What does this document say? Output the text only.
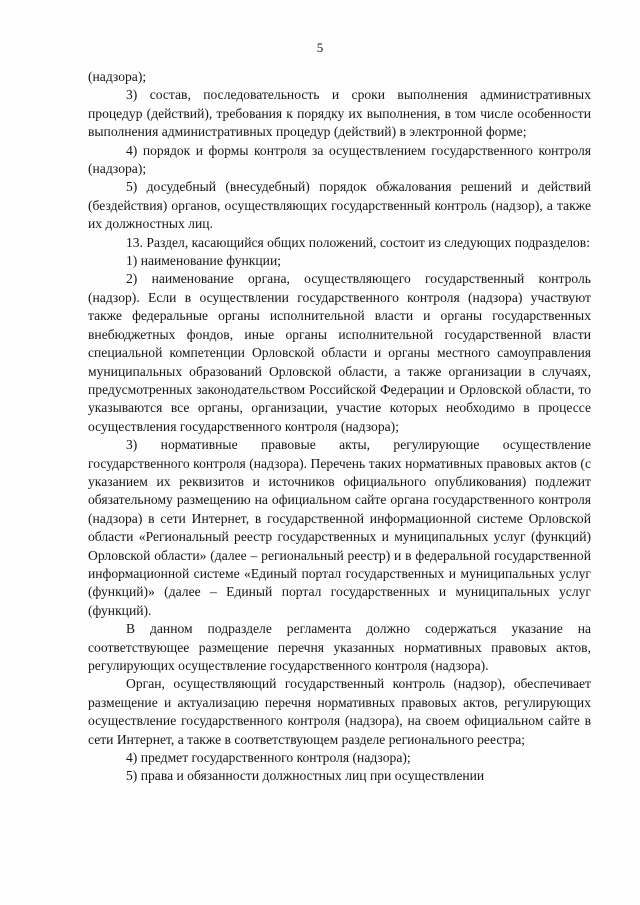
5

(надзора);

3) состав, последовательность и сроки выполнения административных процедур (действий), требования к порядку их выполнения, в том числе особенности выполнения административных процедур (действий) в электронной форме;

4) порядок и формы контроля за осуществлением государственного контроля (надзора);

5) досудебный (внесудебный) порядок обжалования решений и действий (бездействия) органов, осуществляющих государственный контроль (надзор), а также их должностных лиц.

13. Раздел, касающийся общих положений, состоит из следующих подразделов:

1) наименование функции;

2) наименование органа, осуществляющего государственный контроль (надзор). Если в осуществлении государственного контроля (надзора) участвуют также федеральные органы исполнительной власти и органы государственных внебюджетных фондов, иные органы исполнительной государственной власти специальной компетенции Орловской области и органы местного самоуправления муниципальных образований Орловской области, а также организации в случаях, предусмотренных законодательством Российской Федерации и Орловской области, то указываются все органы, организации, участие которых необходимо в процессе осуществления государственного контроля (надзора);

3) нормативные правовые акты, регулирующие осуществление государственного контроля (надзора). Перечень таких нормативных правовых актов (с указанием их реквизитов и источников официального опубликования) подлежит обязательному размещению на официальном сайте органа государственного контроля (надзора) в сети Интернет, в государственной информационной системе Орловской области «Региональный реестр государственных и муниципальных услуг (функций) Орловской области» (далее – региональный реестр) и в федеральной государственной информационной системе «Единый портал государственных и муниципальных услуг (функций)» (далее – Единый портал государственных и муниципальных услуг (функций).

В данном подразделе регламента должно содержаться указание на соответствующее размещение перечня указанных нормативных правовых актов, регулирующих осуществление государственного контроля (надзора).

Орган, осуществляющий государственный контроль (надзор), обеспечивает размещение и актуализацию перечня нормативных правовых актов, регулирующих осуществление государственного контроля (надзора), на своем официальном сайте в сети Интернет, а также в соответствующем разделе регионального реестра;

4) предмет государственного контроля (надзора);

5) права и обязанности должностных лиц при осуществлении
